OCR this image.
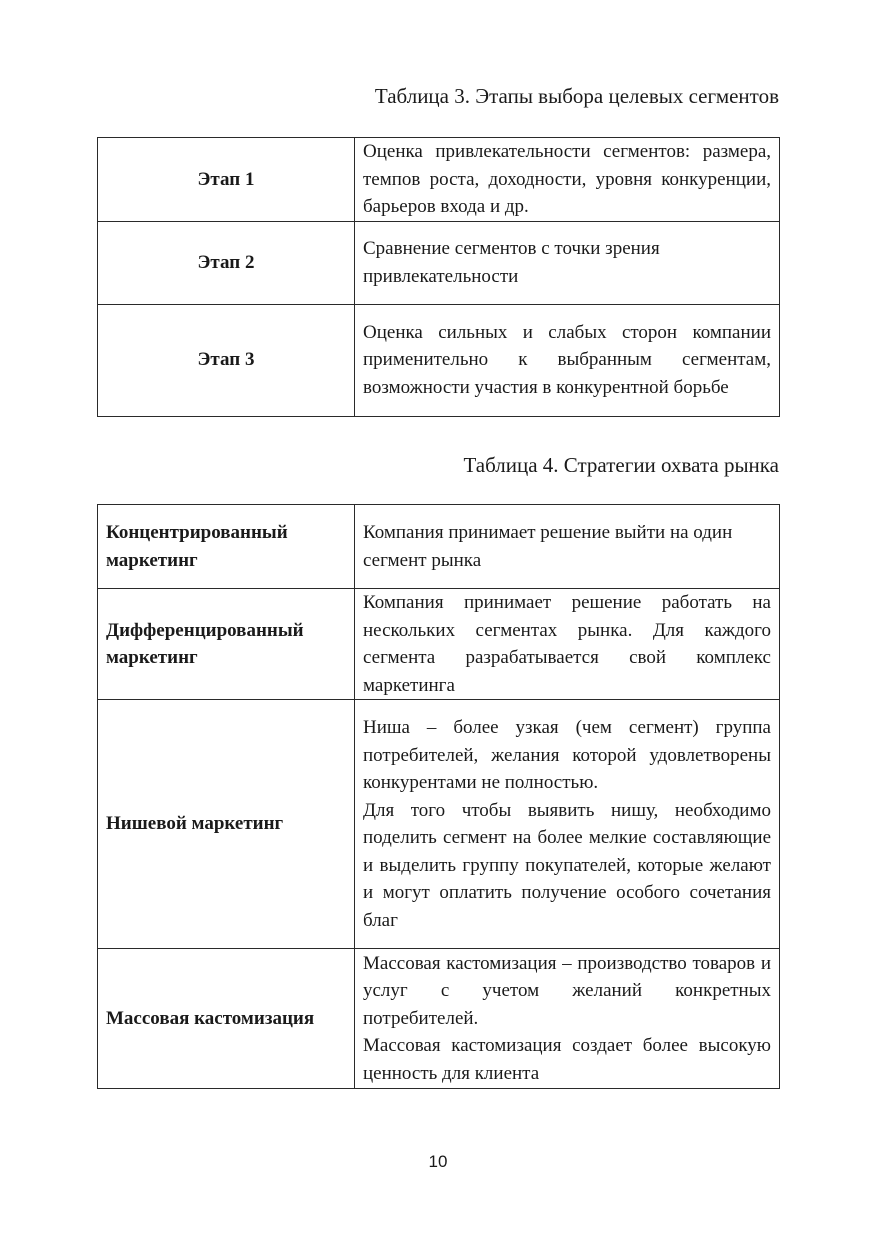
Таблица 3. Этапы выбора целевых сегментов
Этап 1	Оценка привлекательности сегментов: размера, темпов роста, доходности, уровня конкуренции, барьеров входа и др.

Этап 2	Сравнение сегментов с точки зрения привлекательности

Этап 3	Оценка сильных и слабых сторон компании применительно к выбранным сегментам, возможности участия в конкурентной борьбе
Таблица 4. Стратегии охвата рынка
Концентрированный маркетинг	Компания принимает решение выйти на один сегмент рынка

Дифференцированный маркетинг	Компания принимает решение работать на нескольких сегментах рынка. Для каждого сегмента разрабатывается свой комплекс маркетинга

Нишевой маркетинг	Ниша – более узкая (чем сегмент) группа потребителей, желания которой удовлетворены конкурентами не полностью.
Для того чтобы выявить нишу, необходимо поделить сегмент на более мелкие составляющие и выделить группу покупателей, которые желают и могут оплатить получение особого сочетания благ

Массовая кастомизация	Массовая кастомизация – производство товаров и услуг с учетом желаний конкретных потребителей.
Массовая кастомизация создает более высокую ценность для клиента
10
